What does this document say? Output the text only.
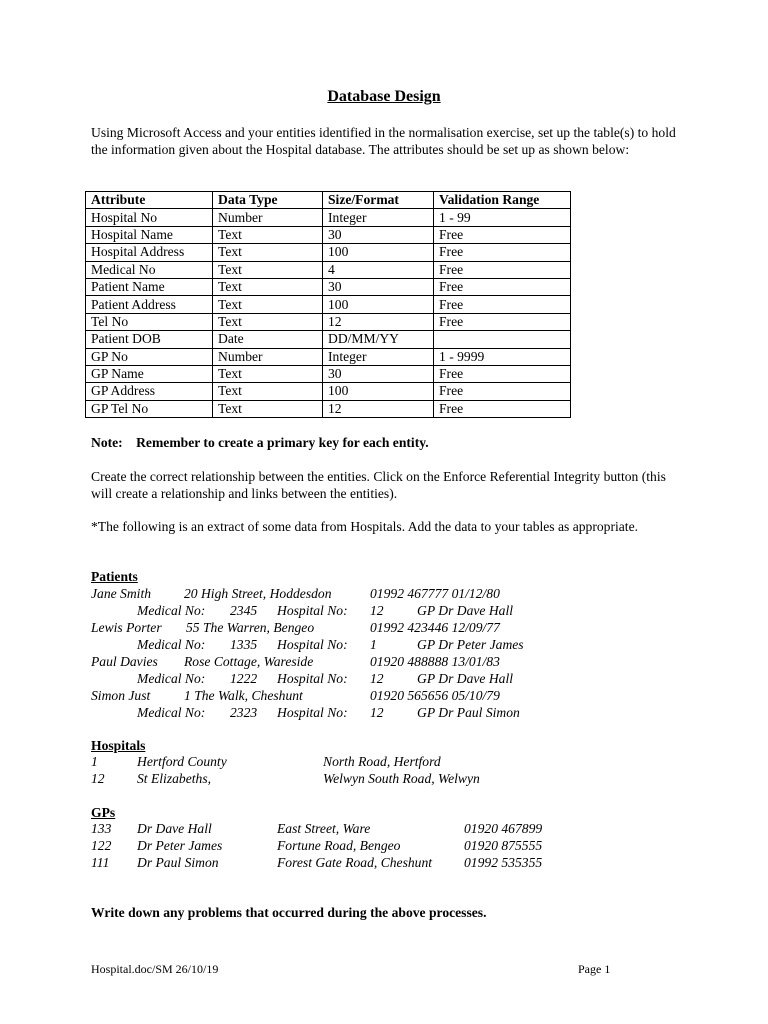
Database Design
Using Microsoft Access and your entities identified in the normalisation exercise, set up the table(s) to hold the information given about the Hospital database. The attributes should be set up as shown below:
Attribute	Data Type	Size/Format	Validation Range
Hospital No	Number	Integer	1 - 99
Hospital Name	Text	30	Free
Hospital Address	Text	100	Free
Medical No	Text	4	Free
Patient Name	Text	30	Free
Patient Address	Text	100	Free
Tel No	Text	12	Free
Patient DOB	Date	DD/MM/YY	
GP No	Number	Integer	1 - 9999
GP Name	Text	30	Free
GP Address	Text	100	Free
GP Tel No	Text	12	Free
Note: Remember to create a primary key for each entity.
Create the correct relationship between the entities. Click on the Enforce Referential Integrity button (this will create a relationship and links between the entities).
*The following is an extract of some data from Hospitals. Add the data to your tables as appropriate.
Patients
Jane Smith 20 High Street, Hoddesdon	01992 467777 01/12/80
Medical No: 2345 Hospital No: 12 GP Dr Dave Hall
Lewis Porter 55 The Warren, Bengeo	01992 423446 12/09/77
Medical No: 1335 Hospital No: 1	GP Dr Peter James
Paul Davies Rose Cottage, Wareside	01920 488888 13/01/83
Medical No: 1222 Hospital No: 12 GP Dr Dave Hall
Simon Just 1 The Walk, Cheshunt	01920 565656 05/10/79
Medical No: 2323 Hospital No: 12 GP Dr Paul Simon
Hospitals
1	Hertford County	North Road, Hertford
12 St Elizabeths,	Welwyn South Road, Welwyn
GPs
133 Dr Dave Hall	East Street, Ware	01920 467899
122 Dr Peter James	Fortune Road, Bengeo	01920 875555
111 Dr Paul Simon	Forest Gate Road, Cheshunt 01992 535355
Write down any problems that occurred during the above processes.
Hospital.doc/SM 26/10/19	Page 1
